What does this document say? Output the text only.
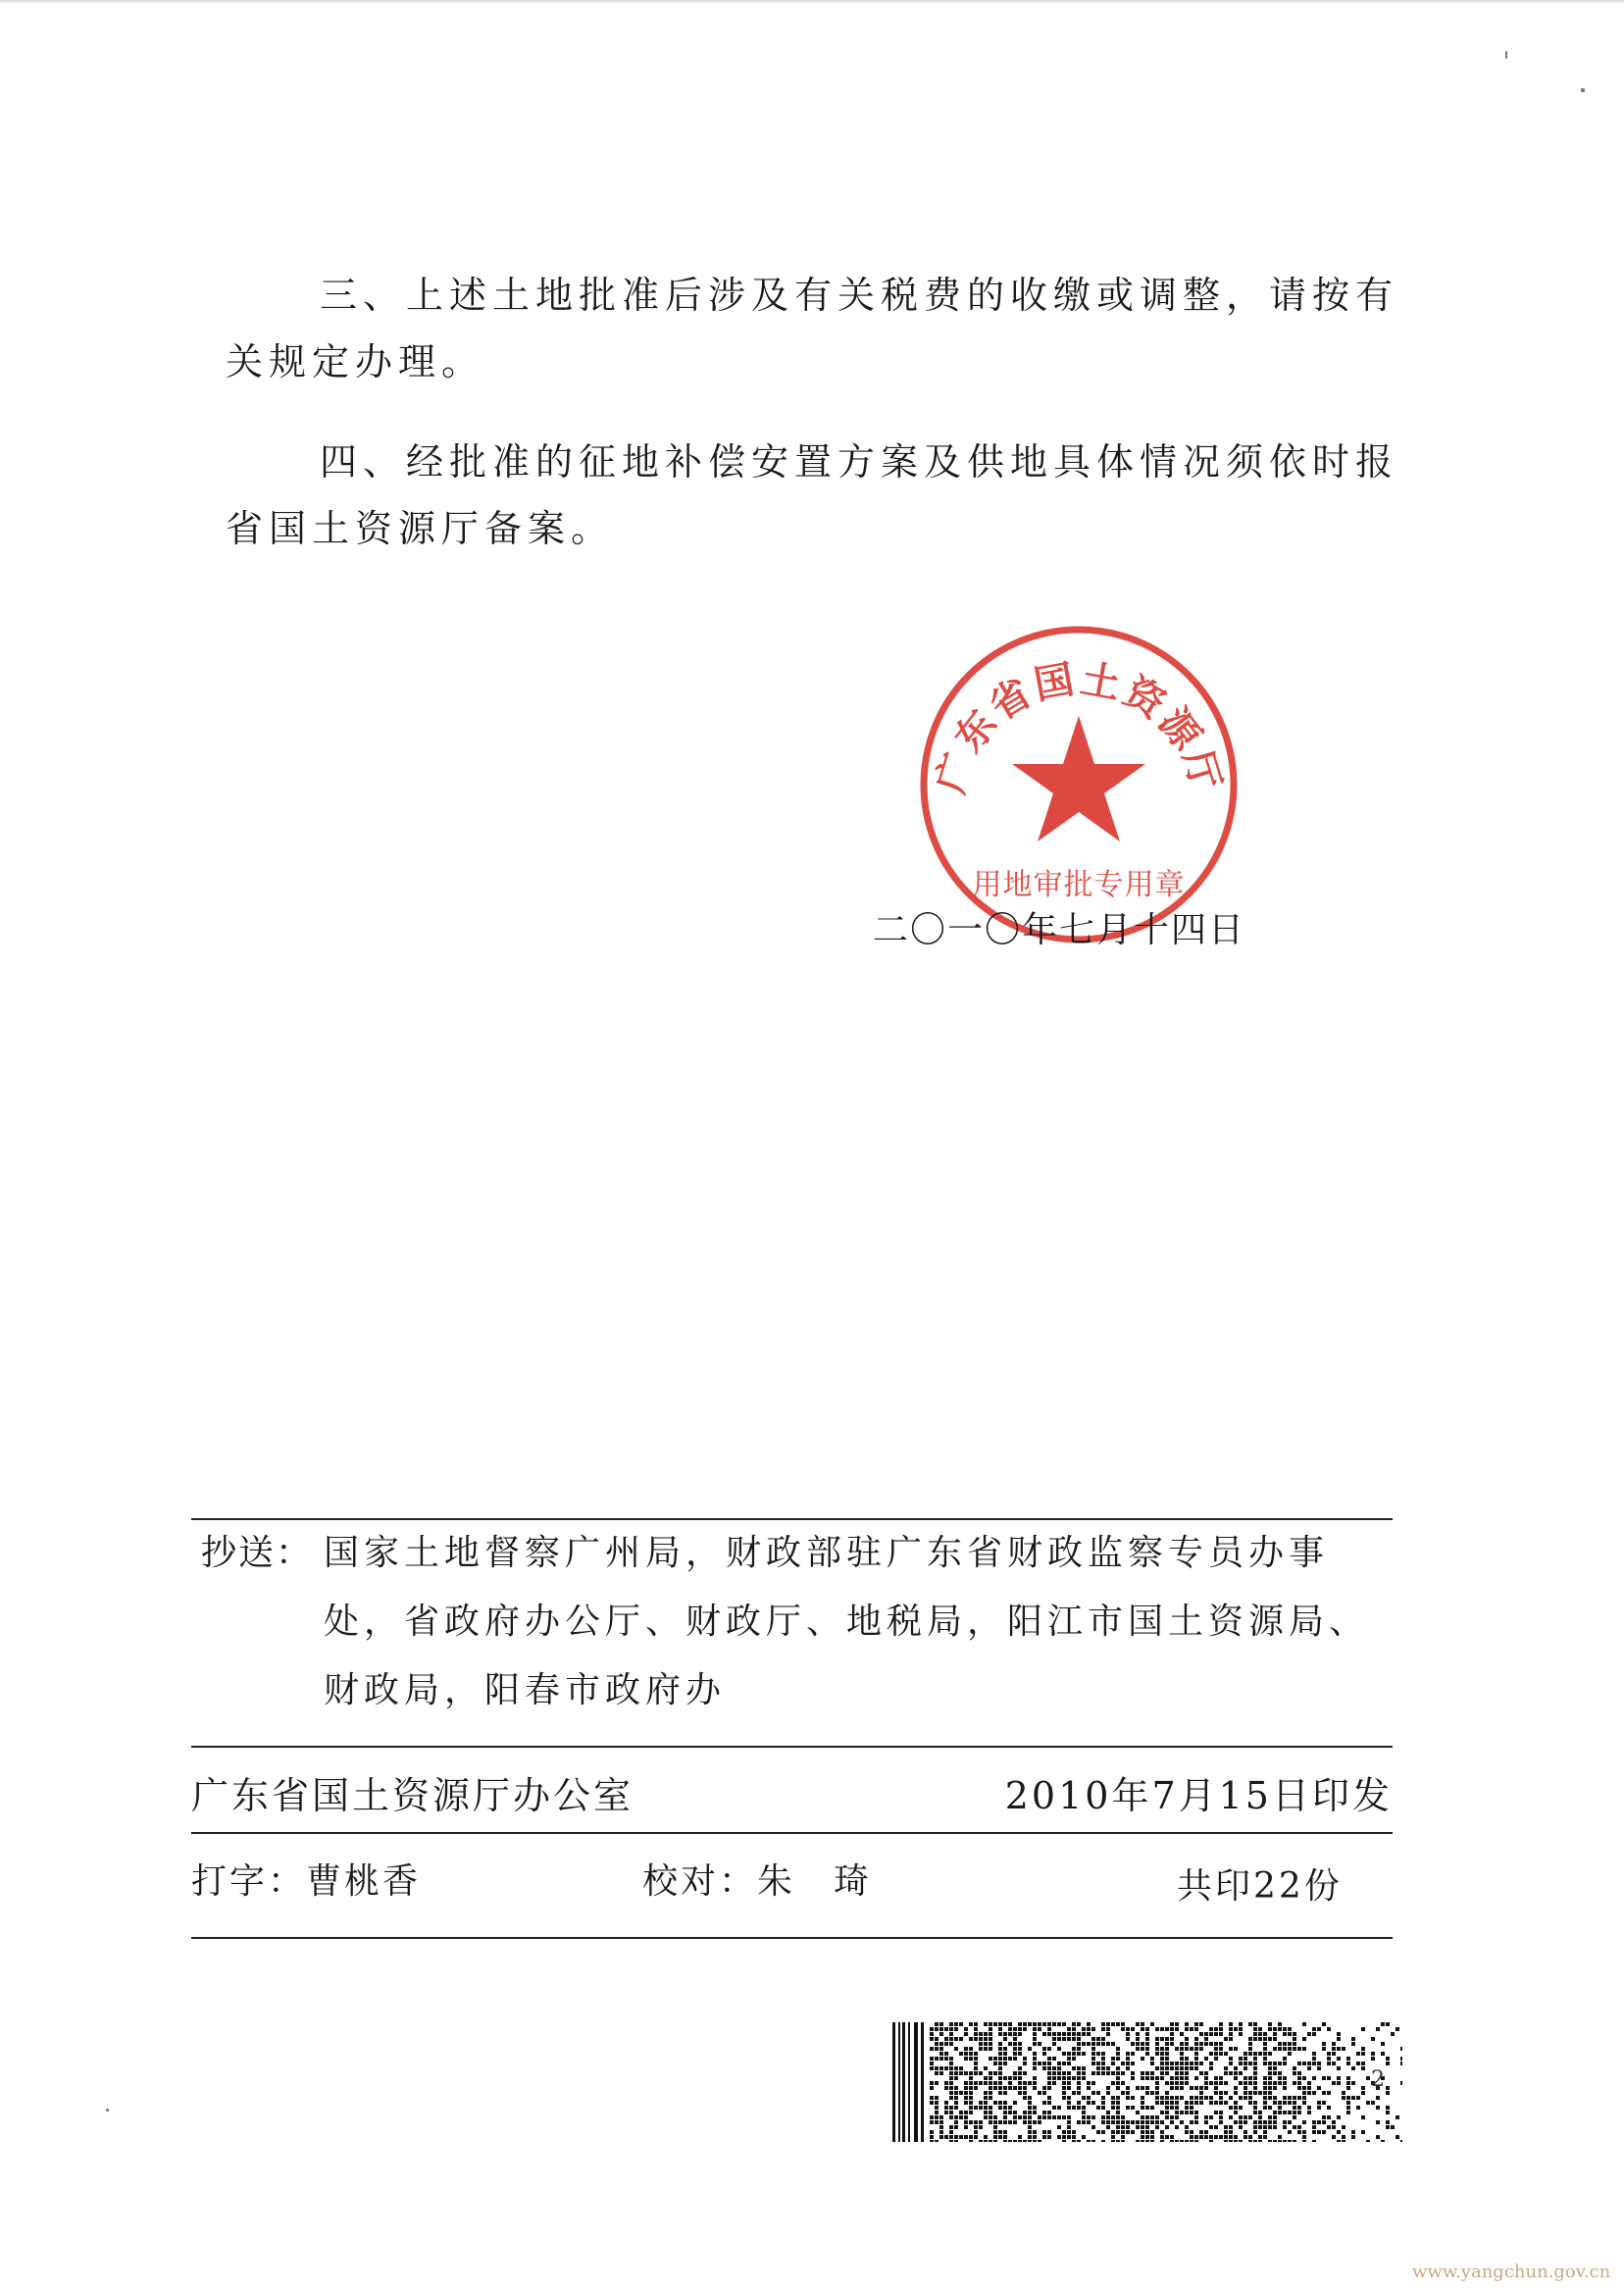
三、上述土地批准后涉及有关税费的收缴或调整，请按有

关规定办理。

四、经批准的征地补偿安置方案及供地具体情况须依时报

省国土资源厅备案。

广东省国土资源厅
用地审批专用章
二〇一〇年七月十四日
抄送： 国家土地督察广州局，财政部驻广东省财政监察专员办事
处，省政府办公厅、财政厅、地税局，阳江市国土资源局、
财政局，阳春市政府办
广东省国土资源厅办公室	2010年7月15日印发
打字：曹桃香	校对：朱　琦	共印22份
2
www.yangchun.gov.cn
